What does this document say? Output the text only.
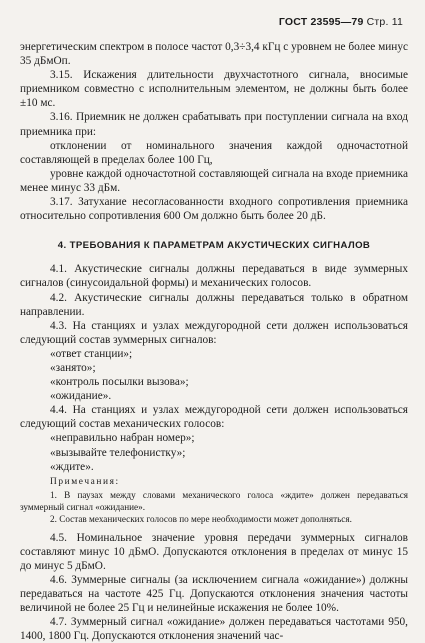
ГОСТ 23595—79 Стр. 11

энергетическим спектром в полосе частот 0,3÷3,4 кГц с уровнем не более минус 35 дБмОп.

3.15. Искажения длительности двухчастотного сигнала, вносимые приемником совместно с исполнительным элементом, не должны быть более ±10 мс.

3.16. Приемник не должен срабатывать при поступлении сигнала на вход приемника при:

отклонении от номинального значения каждой одночастотной составляющей в пределах более 100 Гц,

уровне каждой одночастотной составляющей сигнала на входе приемника менее минус 33 дБм.

3.17. Затухание несогласованности входного сопротивления приемника относительно сопротивления 600 Ом должно быть более 20 дБ.

4. ТРЕБОВАНИЯ К ПАРАМЕТРАМ АКУСТИЧЕСКИХ СИГНАЛОВ

4.1. Акустические сигналы должны передаваться в виде зуммерных сигналов (синусоидальной формы) и механических голосов.

4.2. Акустические сигналы должны передаваться только в обратном направлении.

4.3. На станциях и узлах междугородной сети должен использоваться следующий состав зуммерных сигналов:

«ответ станции»;

«занято»;

«контроль посылки вызова»;

«ожидание».

4.4. На станциях и узлах междугородной сети должен использоваться следующий состав механических голосов:

«неправильно набран номер»;

«вызывайте телефонистку»;

«ждите».

Примечания:

1. В паузах между словами механического голоса «ждите» должен передаваться зуммерный сигнал «ожидание».

2. Состав механических голосов по мере необходимости может дополняться.

4.5. Номинальное значение уровня передачи зуммерных сигналов составляют минус 10 дБмО. Допускаются отклонения в пределах от минус 15 до минус 5 дБмО.

4.6. Зуммерные сигналы (за исключением сигнала «ожидание») должны передаваться на частоте 425 Гц. Допускаются отклонения значения частоты величиной не более 25 Гц и нелинейные искажения не более 10%.

4.7. Зуммерный сигнал «ожидание» должен передаваться частотами 950, 1400, 1800 Гц. Допускаются отклонения значений час-
